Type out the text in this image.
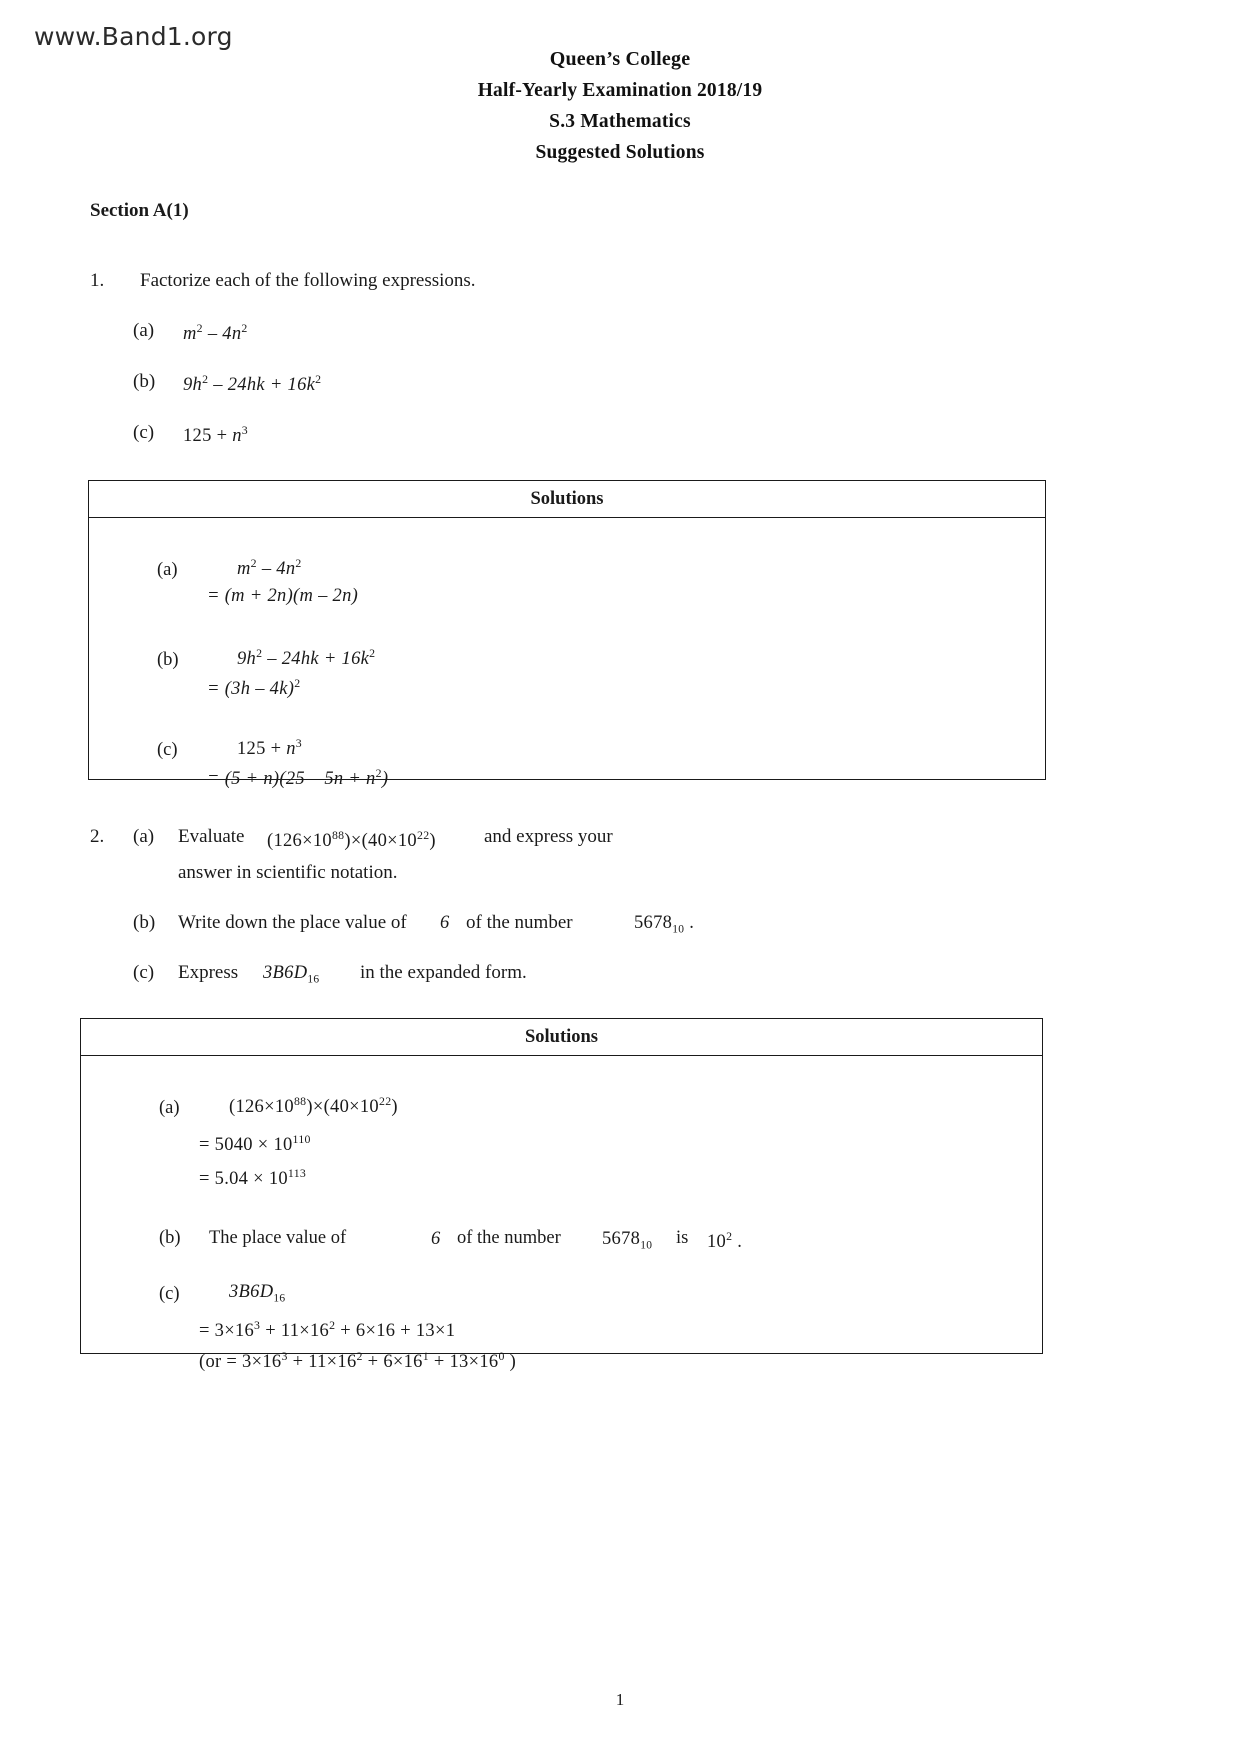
www.Band1.org
Queen’s College
Half-Yearly Examination 2018/19
S.3 Mathematics
Suggested Solutions
Section A(1)
1. Factorize each of the following expressions.
(a) $m^2 - 4n^2$
(b) $9h^2 - 24hk + 16k^2$
(c) $125 + n^3$
Solutions
(a)	$m^2 - 4n^2$
= (m + 2n)(m – 2n)
(b)	$9h^2 - 24hk + 16k^2$
= (3h – 4k)$^2$
(c)	$125 + n^3$
= $(5 + n)(25 - 5n + n^2)$
2. (a) Evaluate $(126\times 10^{88})\times(40\times 10^{22})$	and express your
answer in scientific notation.
(b) Write down the place value of 6 of the number	$5678_{10}$ .
(c) Express $3B6D_{16}$ in the expanded form.
Solutions
(a)	$(126\times 10^{88})\times(40\times 10^{22})$
= $5040 \times 10^{110}$
= $5.04 \times 10^{113}$
(b) The place value of	6 of the number $5678_{10}$ is $10^2$ .
(c)	$3B6D_{16}$
= $3\times 16^3 + 11\times 16^2 + 6\times 16 + 13\times 1$
($or = 3\times 16^3 + 11\times 16^2 + 6\times 16^1 + 13\times 16^0$ )
1
